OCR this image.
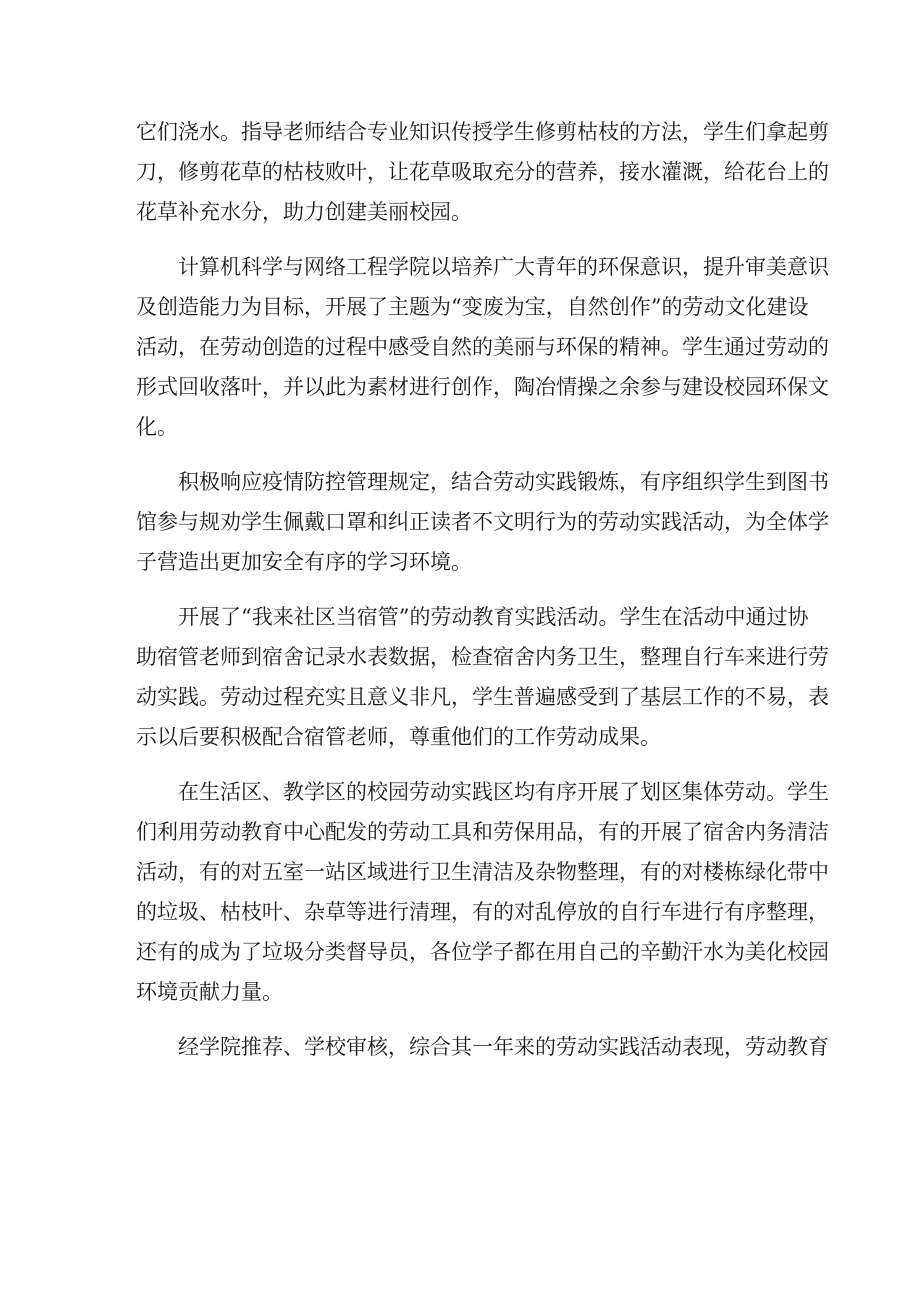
它们浇水。指导老师结合专业知识传授学生修剪枯枝的方法，学生们拿起剪
刀，修剪花草的枯枝败叶，让花草吸取充分的营养，接水灌溉，给花台上的
花草补充水分，助力创建美丽校园。

计算机科学与网络工程学院以培养广大青年的环保意识，提升审美意识
及创造能力为目标，开展了主题为“变废为宝，自然创作”的劳动文化建设
活动，在劳动创造的过程中感受自然的美丽与环保的精神。学生通过劳动的
形式回收落叶，并以此为素材进行创作，陶冶情操之余参与建设校园环保文
化。

积极响应疫情防控管理规定，结合劳动实践锻炼，有序组织学生到图书
馆参与规劝学生佩戴口罩和纠正读者不文明行为的劳动实践活动，为全体学
子营造出更加安全有序的学习环境。

开展了“我来社区当宿管”的劳动教育实践活动。学生在活动中通过协
助宿管老师到宿舍记录水表数据，检查宿舍内务卫生，整理自行车来进行劳
动实践。劳动过程充实且意义非凡，学生普遍感受到了基层工作的不易，表
示以后要积极配合宿管老师，尊重他们的工作劳动成果。

在生活区、教学区的校园劳动实践区均有序开展了划区集体劳动。学生
们利用劳动教育中心配发的劳动工具和劳保用品，有的开展了宿舍内务清洁
活动，有的对五室一站区域进行卫生清洁及杂物整理，有的对楼栋绿化带中
的垃圾、枯枝叶、杂草等进行清理，有的对乱停放的自行车进行有序整理，
还有的成为了垃圾分类督导员，各位学子都在用自己的辛勤汗水为美化校园
环境贡献力量。

经学院推荐、学校审核，综合其一年来的劳动实践活动表现，劳动教育
